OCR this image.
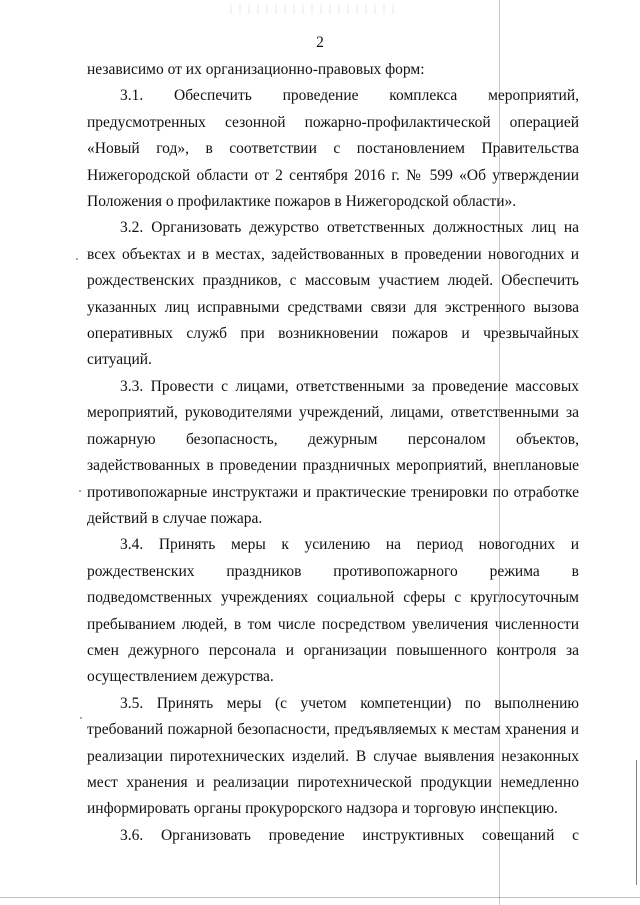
2

независимо от их организационно-правовых форм:

3.1. Обеспечить проведение комплекса мероприятий, предусмотренных сезонной пожарно-профилактической операцией «Новый год», в соответствии с постановлением Правительства Нижегородской области от 2 сентября 2016 г. № 599 «Об утверждении Положения о профилактике пожаров в Нижегородской области».

3.2. Организовать дежурство ответственных должностных лиц на всех объектах и в местах, задействованных в проведении новогодних и рождественских праздников, с массовым участием людей. Обеспечить указанных лиц исправными средствами связи для экстренного вызова оперативных служб при возникновении пожаров и чрезвычайных ситуаций.

3.3. Провести с лицами, ответственными за проведение массовых мероприятий, руководителями учреждений, лицами, ответственными за пожарную безопасность, дежурным персоналом объектов, задействованных в проведении праздничных мероприятий, внеплановые противопожарные инструктажи и практические тренировки по отработке действий в случае пожара.

3.4. Принять меры к усилению на период новогодних и рождественских праздников противопожарного режима в подведомственных учреждениях социальной сферы с круглосуточным пребыванием людей, в том числе посредством увеличения численности смен дежурного персонала и организации повышенного контроля за осуществлением дежурства.

3.5. Принять меры (с учетом компетенции) по выполнению требований пожарной безопасности, предъявляемых к местам хранения и реализации пиротехнических изделий. В случае выявления незаконных мест хранения и реализации пиротехнической продукции немедленно информировать органы прокурорского надзора и торговую инспекцию.

3.6. Организовать проведение инструктивных совещаний с
